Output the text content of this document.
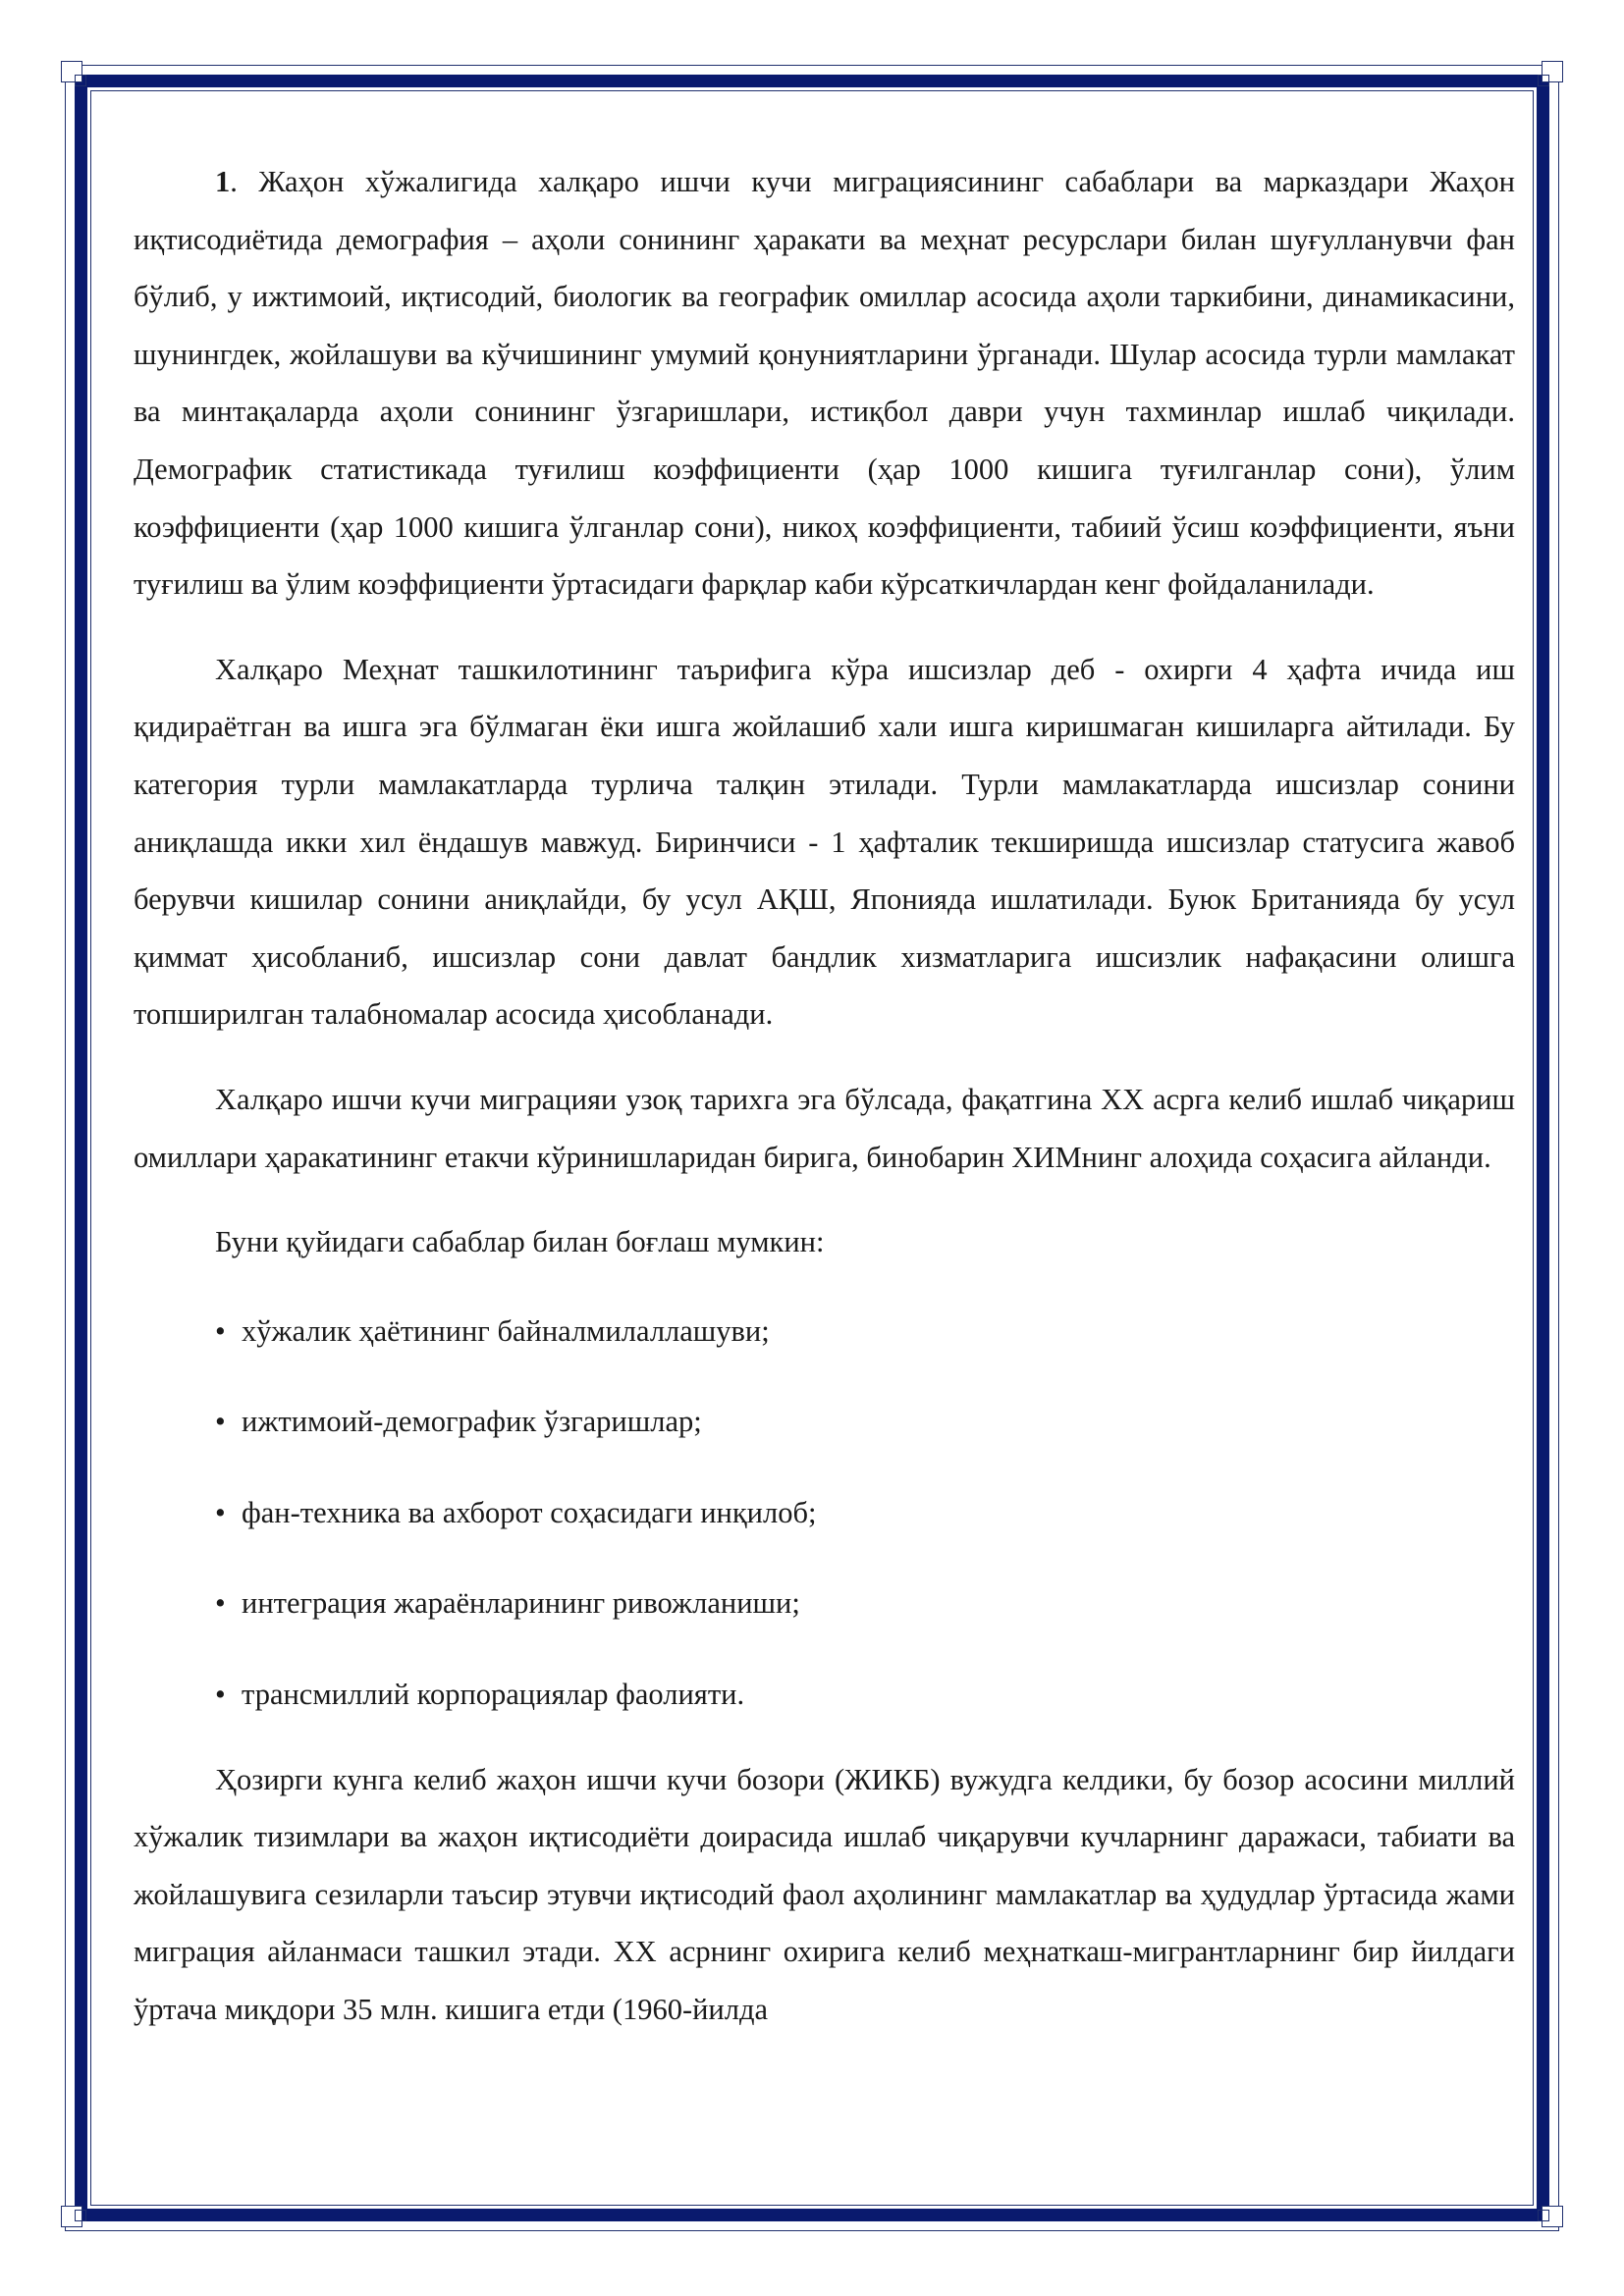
1. Жаҳон хўжалигида халқаро ишчи кучи миграциясининг сабаблари ва марказдари Жаҳон иқтисодиётида демография – аҳоли сонининг ҳаракати ва меҳнат ресурслари билан шуғулланувчи фан бўлиб, у ижтимоий, иқтисодий, биологик ва географик омиллар асосида аҳоли таркибини, динамикасини, шунингдек, жойлашуви ва кўчишининг умумий қонуниятларини ўрганади. Шулар асосида турли мамлакат ва минтақаларда аҳоли сонининг ўзгаришлари, истиқбол даври учун тахминлар ишлаб чиқилади. Демографик статистикада туғилиш коэффициенти (ҳар 1000 кишига туғилганлар сони), ўлим коэффициенти (ҳар 1000 кишига ўлганлар сони), никоҳ коэффициенти, табиий ўсиш коэффициенти, яъни туғилиш ва ўлим коэффициенти ўртасидаги фарқлар каби кўрсаткичлардан кенг фойдаланилади.

Халқаро Меҳнат ташкилотининг таърифига кўра ишсизлар деб - охирги 4 ҳафта ичида иш қидираётган ва ишга эга бўлмаган ёки ишга жойлашиб хали ишга киришмаган кишиларга айтилади. Бу категория турли мамлакатларда турлича талқин этилади. Турли мамлакатларда ишсизлар сонини аниқлашда икки хил ёндашув мавжуд. Биринчиси - 1 ҳафталик текширишда ишсизлар статусига жавоб берувчи кишилар сонини аниқлайди, бу усул АҚШ, Японияда ишлатилади. Буюк Британияда бу усул қиммат ҳисобланиб, ишсизлар сони давлат бандлик хизматларига ишсизлик нафақасини олишга топширилган талабномалар асосида ҳисобланади.

Халқаро ишчи кучи миграцияи узоқ тарихга эга бўлсада, фақатгина ХХ асрга келиб ишлаб чиқариш омиллари ҳаракатининг етакчи кўринишларидан бирига, бинобарин ХИМнинг алоҳида соҳасига айланди.

Буни қуйидаги сабаблар билан боғлаш мумкин:

• хўжалик ҳаётининг байналмилаллашуви;
• ижтимоий-демографик ўзгаришлар;
• фан-техника ва ахборот соҳасидаги инқилоб;
• интеграция жараёнларининг ривожланиши;
• трансмиллий корпорациялар фаолияти.

Ҳозирги кунга келиб жаҳон ишчи кучи бозори (ЖИКБ) вужудга келдики, бу бозор асосини миллий хўжалик тизимлари ва жаҳон иқтисодиёти доирасида ишлаб чиқарувчи кучларнинг даражаси, табиати ва жойлашувига сезиларли таъсир этувчи иқтисодий фаол аҳолининг мамлакатлар ва ҳудудлар ўртасида жами миграция айланмаси ташкил этади. ХХ асрнинг охирига келиб меҳнаткаш-мигрантларнинг бир йилдаги ўртача миқдори 35 млн. кишига етди (1960-йилда
